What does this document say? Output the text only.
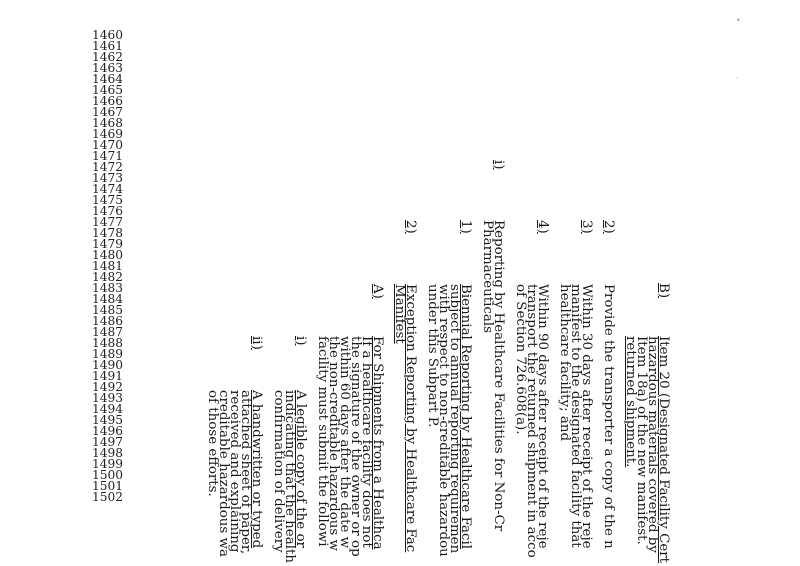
•
·
1460
1461
1462
1463
1464
1465
1466
1467
1468
1469
1470
1471
1472
1473
1474
1475
1476
1477
1478
1479
1480
1481
1482
1483
1484
1485
1486
1487
1488
1489
1490
1491
1492
1493
1494
1495
1496
1497
1498
1499
1500
1501
1502
B)
Item 20 (Designated Facility Cert
hazardous materials covered by
Item 18a) of the new manifest.
returned shipment.
2)
Provide the transporter a copy of the n
3)
Within 30 days after receipt of the reje
manifest to the designated facility that
healthcare facility; and
4)
Within 90 days after receipt of the reje
transport the returned shipment in acco
of Section 726.608(a).
i)
Reporting by Healthcare Facilities for Non-Cr
Pharmaceuticals
1)
Biennial Reporting by Healthcare Facil
subject to annual reporting requiremen
with respect to non-creditable hazardou
under this Subpart P.
2)
Exception Reporting by Healthcare Fac
Manifest
A)
For Shipments from a Healthca
If a healthcare facility does not
the signature of the owner or op
within 60 days after the date w
the non-creditable hazardous w
facility must submit the followi
i)
A legible copy of the or
indicating that the health
confirmation of delivery
ii)
A handwritten or typed
attached sheet of paper,
received and explaining
creditable hazardous wa
of those efforts.
